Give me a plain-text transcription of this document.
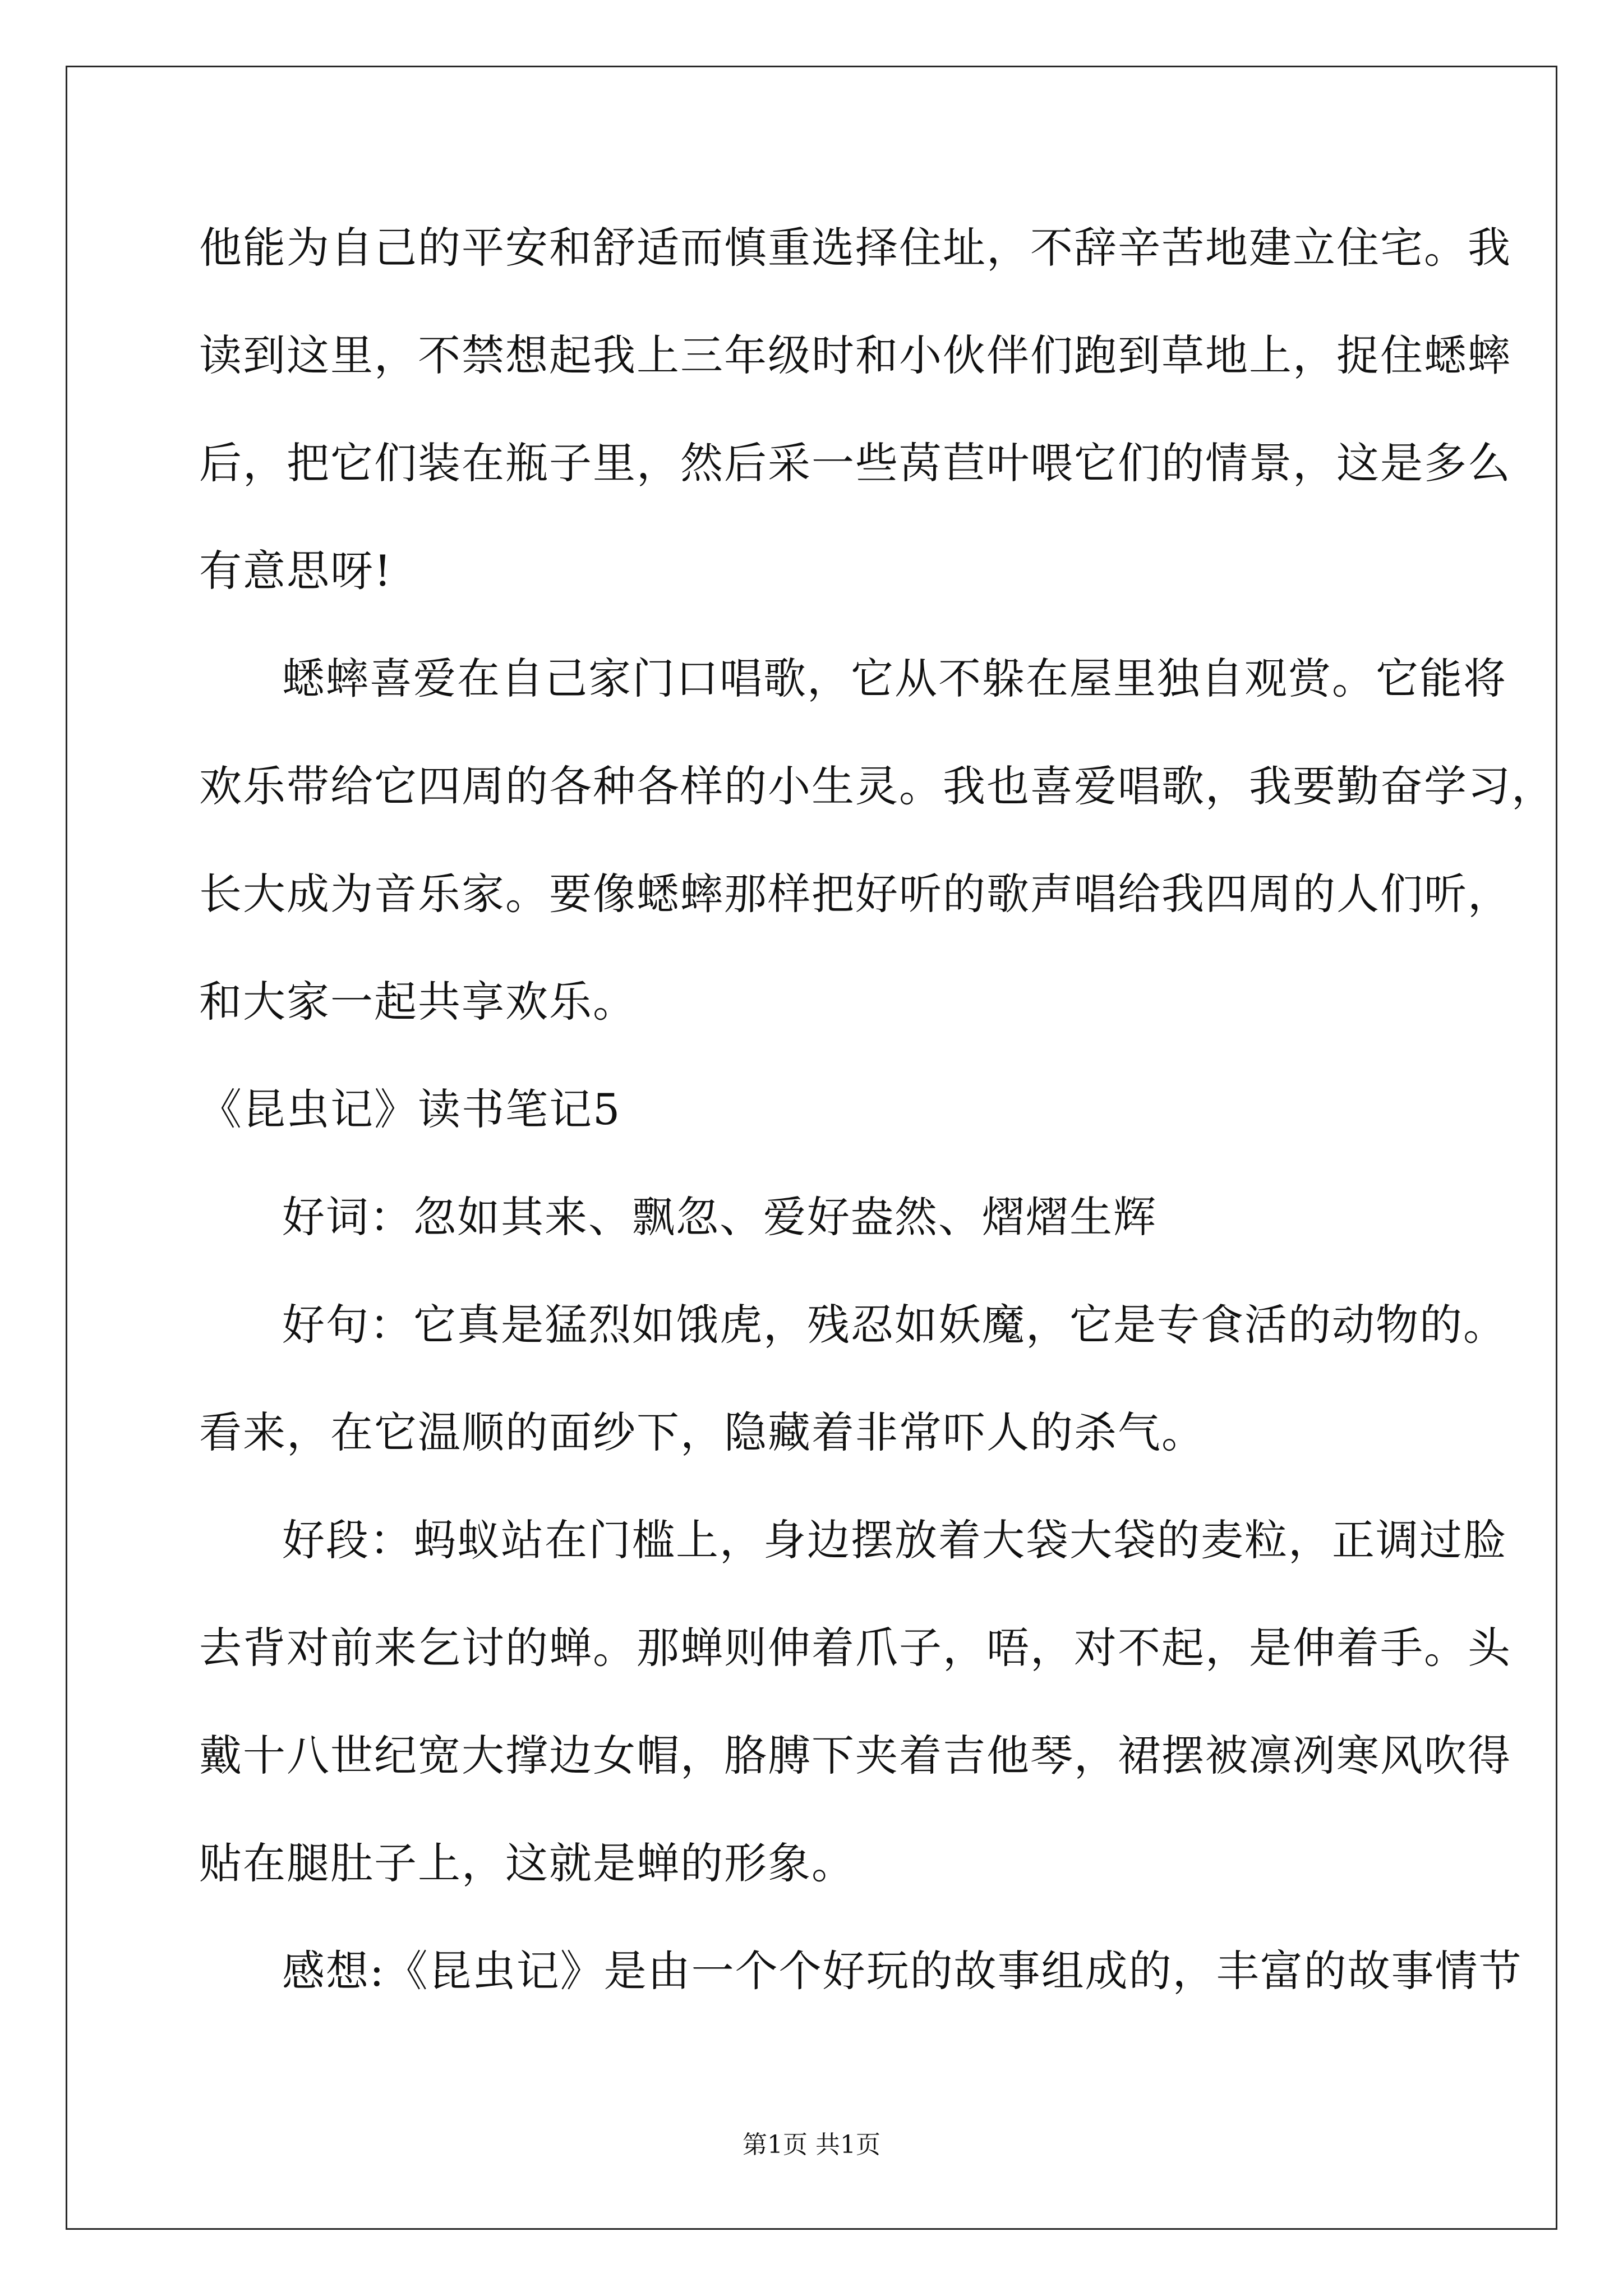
他能为自己的平安和舒适而慎重选择住址，不辞辛苦地建立住宅。我
读到这里，不禁想起我上三年级时和小伙伴们跑到草地上，捉住蟋蟀
后，把它们装在瓶子里，然后采一些莴苣叶喂它们的情景，这是多么
有意思呀!
蟋蟀喜爱在自己家门口唱歌，它从不躲在屋里独自观赏。它能将
欢乐带给它四周的各种各样的小生灵。我也喜爱唱歌，我要勤奋学习，
长大成为音乐家。要像蟋蟀那样把好听的歌声唱给我四周的人们听，
和大家一起共享欢乐。
《昆虫记》读书笔记5
好词：忽如其来、飘忽、爱好盎然、熠熠生辉
好句：它真是猛烈如饿虎，残忍如妖魔，它是专食活的动物的。
看来，在它温顺的面纱下，隐藏着非常吓人的杀气。
好段：蚂蚁站在门槛上，身边摆放着大袋大袋的麦粒，正调过脸
去背对前来乞讨的蝉。那蝉则伸着爪子，唔，对不起，是伸着手。头
戴十八世纪宽大撑边女帽，胳膊下夹着吉他琴，裙摆被凛冽寒风吹得
贴在腿肚子上，这就是蝉的形象。
感想:《昆虫记》是由一个个好玩的故事组成的，丰富的故事情节
第1页 共1页
